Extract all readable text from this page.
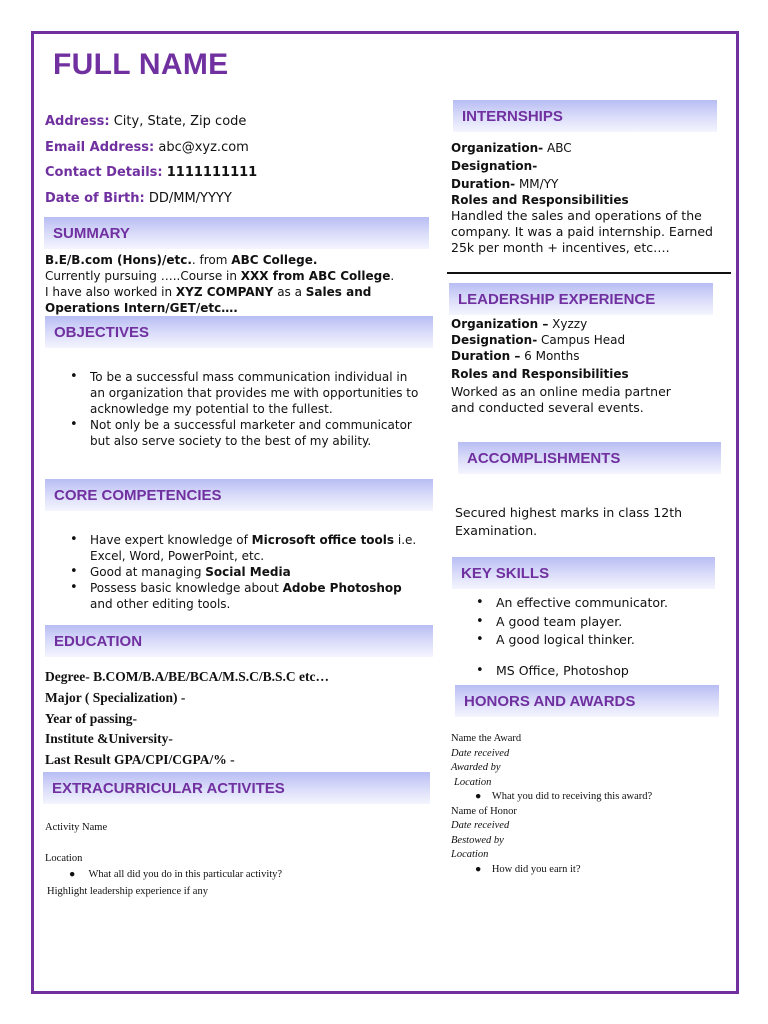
FULL NAME
Address: City, State, Zip code
Email Address: abc@xyz.com
Contact Details: 1111111111
Date of Birth: DD/MM/YYYY
SUMMARY
B.E/B.com (Hons)/etc.. from ABC College.
Currently pursuing …..Course in XXX from ABC College.
I have also worked in XYZ COMPANY as a Sales and
Operations Intern/GET/etc….
OBJECTIVES
• To be a successful mass communication individual in an organization that provides me with opportunities to acknowledge my potential to the fullest.
• Not only be a successful marketer and communicator but also serve society to the best of my ability.
CORE COMPETENCIES
• Have expert knowledge of Microsoft office tools i.e. Excel, Word, PowerPoint, etc.
• Good at managing Social Media
• Possess basic knowledge about Adobe Photoshop and other editing tools.
EDUCATION
Degree- B.COM/B.A/BE/BCA/M.S.C/B.S.C etc…
Major ( Specialization) -
Year of passing-
Institute &University-
Last Result GPA/CPI/CGPA/% -
EXTRACURRICULAR ACTIVITES
Activity Name
Location
●     What all did you do in this particular activity?
Highlight leadership experience if any
INTERNSHIPS
Organization- ABC
Designation-
Duration- MM/YY
Roles and Responsibilities
Handled the sales and operations of the company. It was a paid internship. Earned 25k per month + incentives, etc….
LEADERSHIP EXPERIENCE
Organization – Xyzzy
Designation- Campus Head
Duration – 6 Months
Roles and Responsibilities
Worked as an online media partner
and conducted several events.
ACCOMPLISHMENTS
Secured highest marks in class 12th
Examination. ACHIEVEMENTS
KEY SKILLS
• An effective communicator.
• A good team player.
• A good logical thinker.
• MS Office, Photoshop
HONORS AND AWARDS
Name the Award
Date received
Awarded by
Location
●    What you did to receiving this award?
Name of Honor
Date received
Bestowed by
Location
●    How did you earn it?
